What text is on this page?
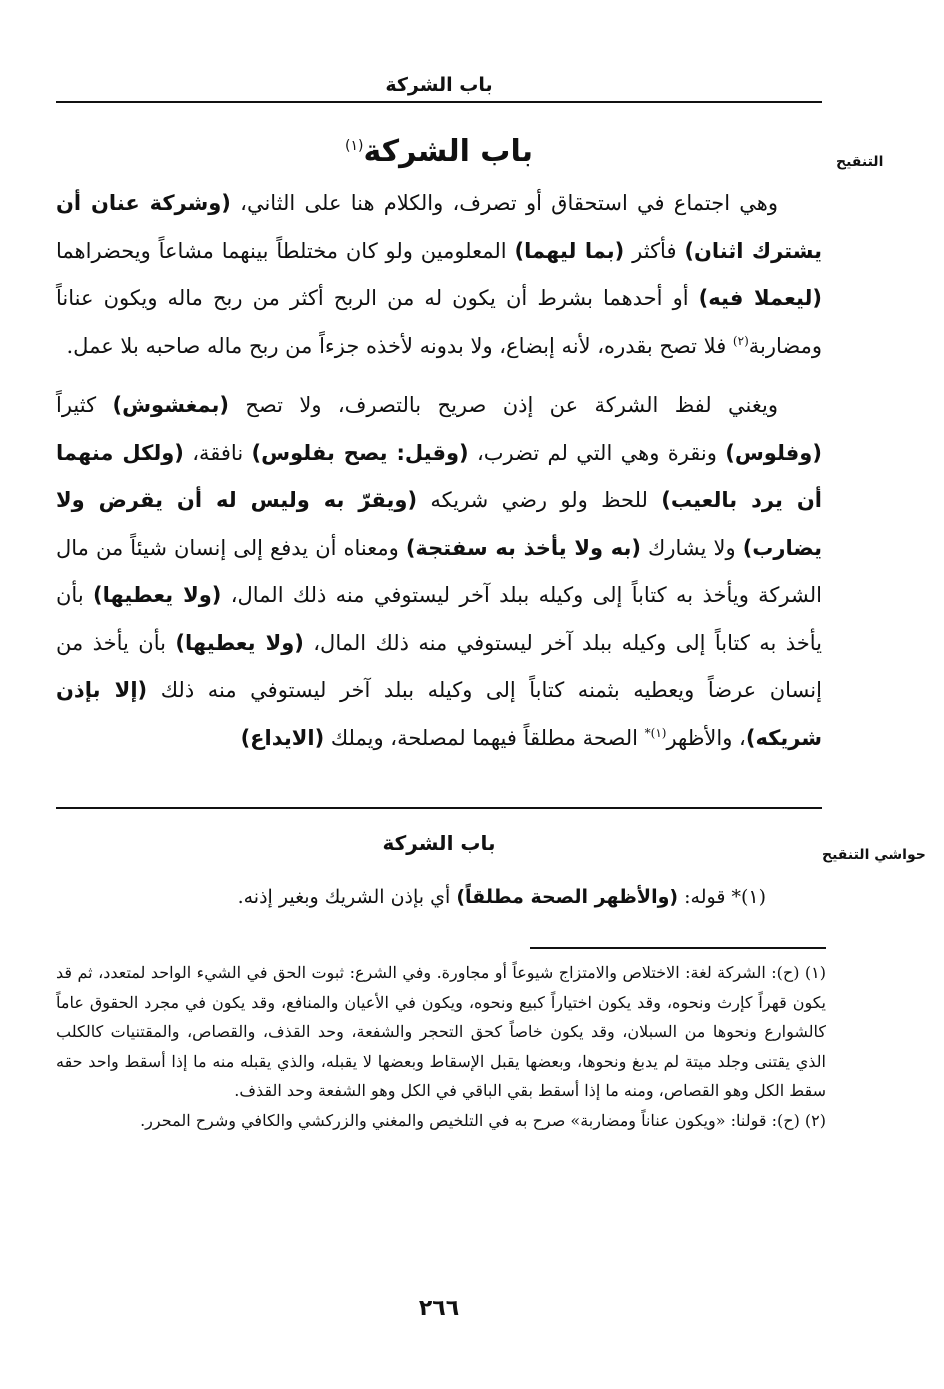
باب الشركة
التنقيح
باب الشركة$^{(١)}$

وهي اجتماع في استحقاق أو تصرف، والكلام هنا على الثاني، (وشركة عنان أن يشترك اثنان) فأكثر (بما ليهما) المعلومين ولو كان مختلطاً بينهما مشاعاً ويحضراهما (ليعملا فيه) أو أحدهما بشرط أن يكون له من الربح أكثر من ربح ماله ويكون عناناً ومضاربة$^{(٢)}$ فلا تصح بقدره، لأنه إبضاع، ولا بدونه لأخذه جزءاً من ربح ماله صاحبه بلا عمل.

ويغني لفظ الشركة عن إذن صريح بالتصرف، ولا تصح (بمغشوش) كثيراً (وفلوس) ونقرة وهي التي لم تضرب، (وقيل: يصح بفلوس) نافقة، (ولكل منهما أن يرد بالعيب) للحظ ولو رضي شريكه (ويقرّ به وليس له أن يقرض ولا يضارب) ولا يشارك (به ولا يأخذ به سفتجة) ومعناه أن يدفع إلى إنسان شيئاً من مال الشركة ويأخذ به كتاباً إلى وكيله ببلد آخر ليستوفي منه ذلك المال، (ولا يعطيها) بأن يأخذ به كتاباً إلى وكيله ببلد آخر ليستوفي منه ذلك المال، (ولا يعطيها) بأن يأخذ من إنسان عرضاً ويعطيه بثمنه كتاباً إلى وكيله ببلد آخر ليستوفي منه ذلك (إلا بإذن شريكه)، والأظهر$^{(١)*}$ الصحة مطلقاً فيهما لمصلحة، ويملك (الايداع)

حواشي التنقيح
باب الشركة
(١)* قوله: (والأظهر الصحة مطلقاً) أي بإذن الشريك وبغير إذنه.

(١) (ح): الشركة لغة: الاختلاص والامتزاج شيوعاً أو مجاورة. وفي الشرع: ثبوت الحق في الشيء الواحد لمتعدد، ثم قد يكون قهراً كإرث ونحوه، وقد يكون اختياراً كبيع ونحوه، ويكون في الأعيان والمنافع، وقد يكون في مجرد الحقوق عاماً كالشوارع ونحوها من السبلان، وقد يكون خاصاً كحق التحجر والشفعة، وحد القذف، والقصاص، والمقتنيات كالكلب الذي يقتنى وجلد ميتة لم يدبغ ونحوها، وبعضها يقبل الإسقاط وبعضها لا يقبله، والذي يقبله منه ما إذا أسقط واحد حقه سقط الكل وهو القصاص، ومنه ما إذا أسقط بقي الباقي في الكل وهو الشفعة وحد القذف.

(٢) (ح): قولنا: «ويكون عناناً ومضاربة» صرح به في التلخيص والمغني والزركشي والكافي وشرح المحرر.

٢٦٦
